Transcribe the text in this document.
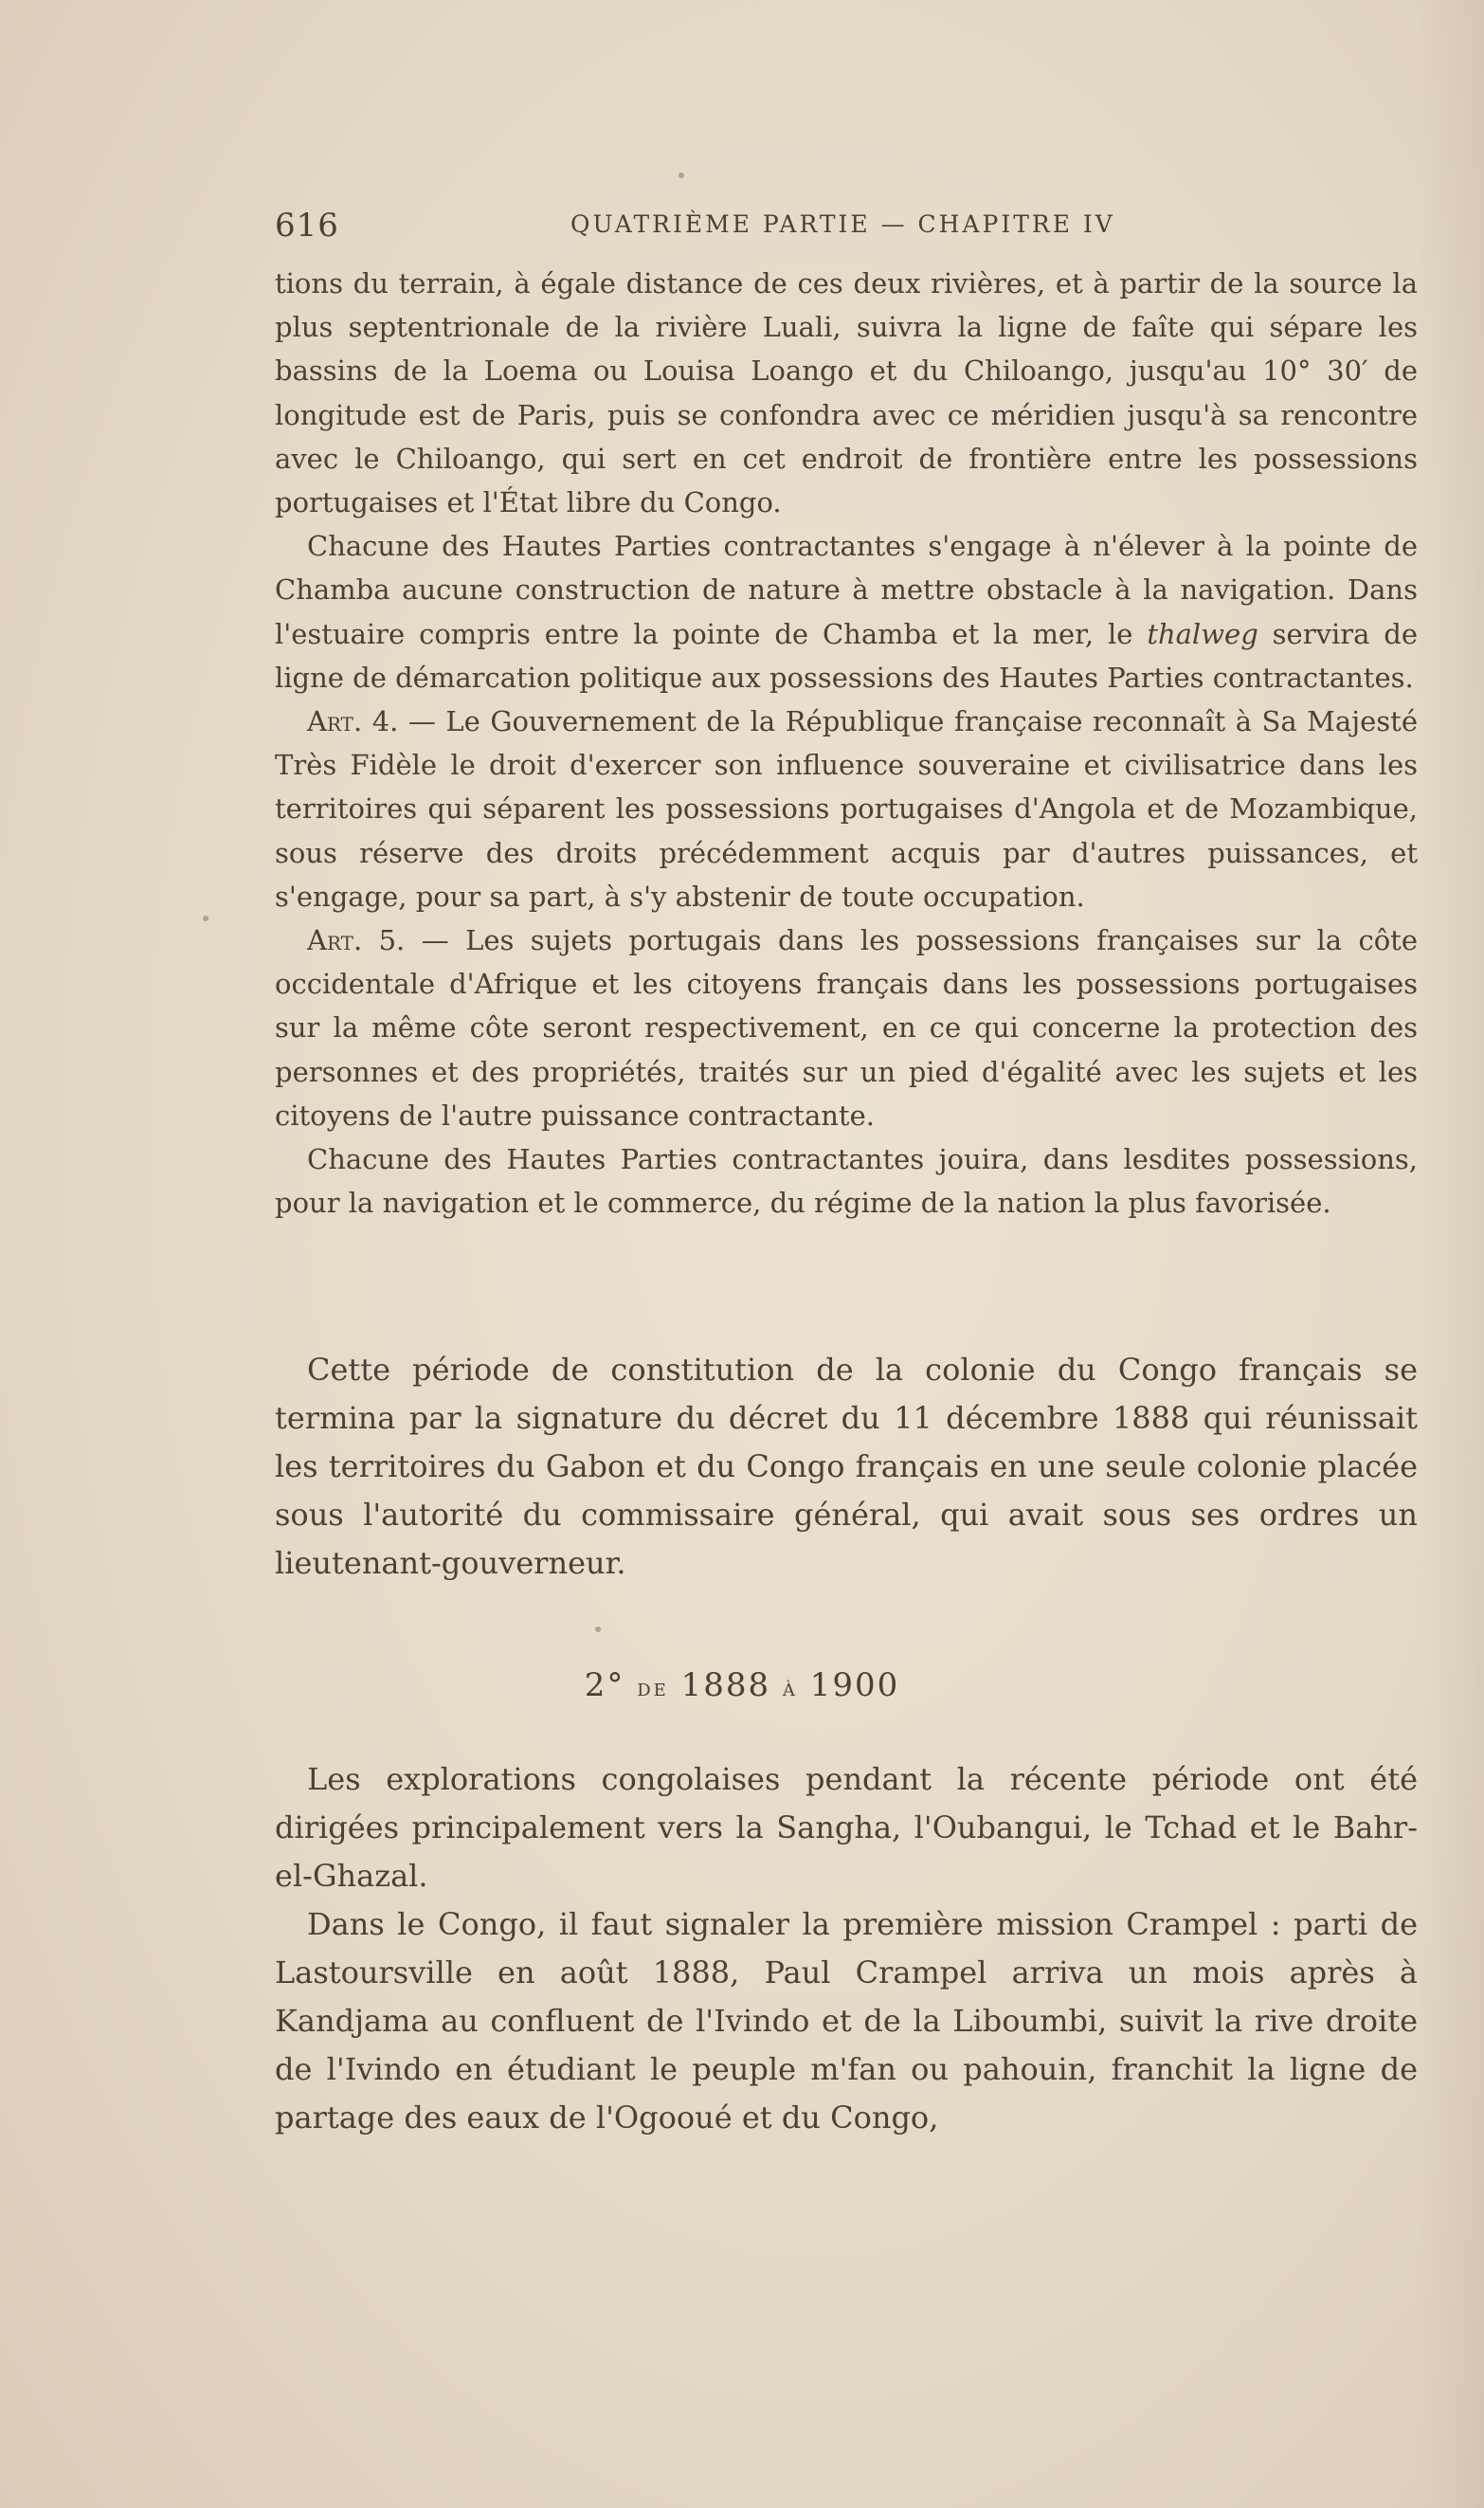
616	QUATRIÈME PARTIE — CHAPITRE IV

tions du terrain, à égale distance de ces deux rivières, et à partir de la source la plus septentrionale de la rivière Luali, suivra la ligne de faîte qui sépare les bassins de la Loema ou Louisa Loango et du Chiloango, jusqu'au 10° 30′ de longitude est de Paris, puis se confondra avec ce méridien jusqu'à sa rencontre avec le Chiloango, qui sert en cet endroit de frontière entre les possessions portugaises et l'État libre du Congo.

Chacune des Hautes Parties contractantes s'engage à n'élever à la pointe de Chamba aucune construction de nature à mettre obstacle à la navigation. Dans l'estuaire compris entre la pointe de Chamba et la mer, le thalweg servira de ligne de démarcation politique aux possessions des Hautes Parties contractantes.

Art. 4. — Le Gouvernement de la République française reconnaît à Sa Majesté Très Fidèle le droit d'exercer son influence souveraine et civilisatrice dans les territoires qui séparent les possessions portugaises d'Angola et de Mozambique, sous réserve des droits précédemment acquis par d'autres puissances, et s'engage, pour sa part, à s'y abstenir de toute occupation.

Art. 5. — Les sujets portugais dans les possessions françaises sur la côte occidentale d'Afrique et les citoyens français dans les possessions portugaises sur la même côte seront respectivement, en ce qui concerne la protection des personnes et des propriétés, traités sur un pied d'égalité avec les sujets et les citoyens de l'autre puissance contractante.

Chacune des Hautes Parties contractantes jouira, dans lesdites possessions, pour la navigation et le commerce, du régime de la nation la plus favorisée.

Cette période de constitution de la colonie du Congo français se termina par la signature du décret du 11 décembre 1888 qui réunissait les territoires du Gabon et du Congo français en une seule colonie placée sous l'autorité du commissaire général, qui avait sous ses ordres un lieutenant-gouverneur.

2° de 1888 à 1900

Les explorations congolaises pendant la récente période ont été dirigées principalement vers la Sangha, l'Oubangui, le Tchad et le Bahr-el-Ghazal.

Dans le Congo, il faut signaler la première mission Crampel : parti de Lastoursville en août 1888, Paul Crampel arriva un mois après à Kandjama au confluent de l'Ivindo et de la Liboumbi, suivit la rive droite de l'Ivindo en étudiant le peuple m'fan ou pahouin, franchit la ligne de partage des eaux de l'Ogooué et du Congo,
